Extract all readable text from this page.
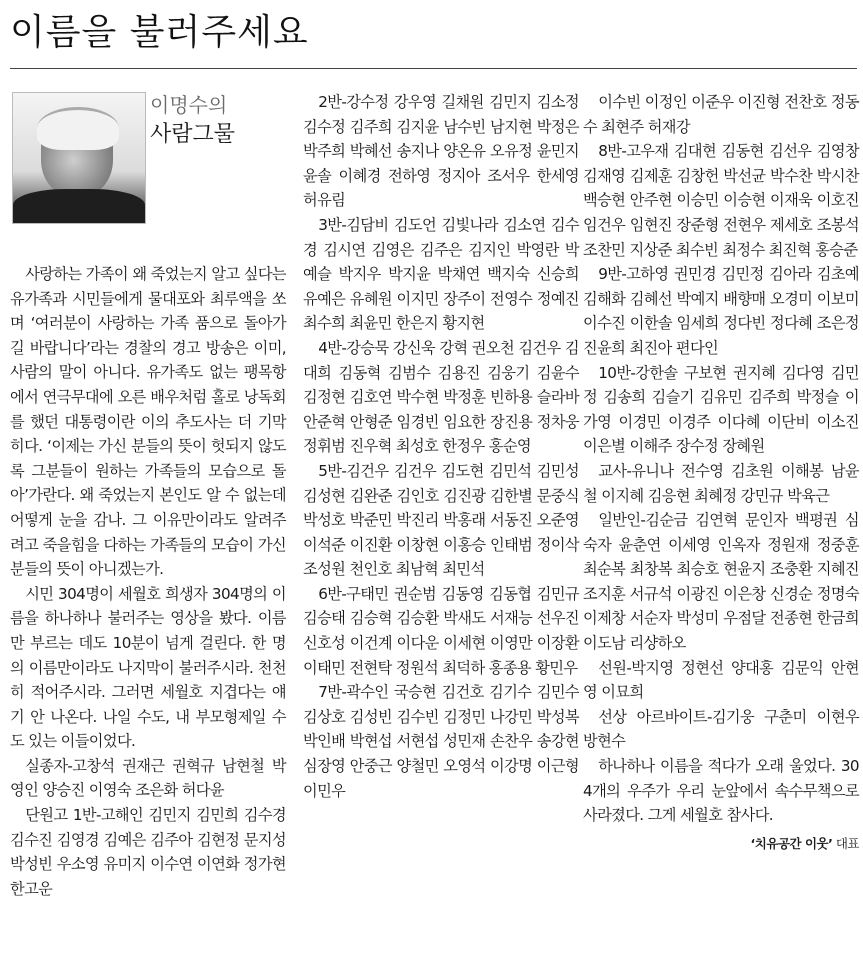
이름을 불러주세요
이명수의
사람그물

사랑하는 가족이 왜 죽었는지 알고 싶다는 유가족과 시민들에게 물대포와 최루액을 쏘며 ‘여러분이 사랑하는 가족 품으로 돌아가길 바랍니다’라는 경찰의 경고 방송은 이미, 사람의 말이 아니다. 유가족도 없는 팽목항에서 연극무대에 오른 배우처럼 홀로 낭독회를 했던 대통령이란 이의 추도사는 더 기막히다. ‘이제는 가신 분들의 뜻이 헛되지 않도록 그분들이 원하는 가족들의 모습으로 돌아’가란다. 왜 죽었는지 본인도 알 수 없는데 어떻게 눈을 감나. 그 이유만이라도 알려주려고 죽을힘을 다하는 가족들의 모습이 가신 분들의 뜻이 아니겠는가.

시민 304명이 세월호 희생자 304명의 이름을 하나하나 불러주는 영상을 봤다. 이름만 부르는 데도 10분이 넘게 걸린다. 한 명의 이름만이라도 나지막이 불러주시라. 천천히 적어주시라. 그러면 세월호 지겹다는 얘기 안 나온다. 나일 수도, 내 부모형제일 수도 있는 이들이었다.

실종자-고창석 권재근 권혁규 남현철 박영인 양승진 이영숙 조은화 허다윤

단원고 1반-고해인 김민지 김민희 김수경 김수진 김영경 김예은 김주아 김현정 문지성 박성빈 우소영 유미지 이수연 이연화 정가현 한고운

2반-강수정 강우영 길채원 김민지 김소정 김수정 김주희 김지윤 남수빈 남지현 박정은 박주희 박혜선 송지나 양온유 오유정 윤민지 윤솔 이혜경 전하영 정지아 조서우 한세영 허유림

3반-김담비 김도언 김빛나라 김소연 김수경 김시연 김영은 김주은 김지인 박영란 박예슬 박지우 박지윤 박채연 백지숙 신승희 유예은 유혜원 이지민 장주이 전영수 정예진 최수희 최윤민 한은지 황지현

4반-강승묵 강신욱 강혁 권오천 김건우 김대희 김동혁 김범수 김용진 김웅기 김윤수 김정현 김호연 박수현 박정훈 빈하용 슬라바 안준혁 안형준 임경빈 임요한 장진용 정차웅 정휘범 진우혁 최성호 한정우 홍순영

5반-김건우 김건우 김도현 김민석 김민성 김성현 김완준 김인호 김진광 김한별 문중식 박성호 박준민 박진리 박홍래 서동진 오준영 이석준 이진환 이창현 이홍승 인태범 정이삭 조성원 천인호 최남혁 최민석

6반-구태민 권순범 김동영 김동협 김민규 김승태 김승혁 김승환 박새도 서재능 선우진 신호성 이건계 이다운 이세현 이영만 이장환 이태민 전현탁 정원석 최덕하 홍종용 황민우

7반-곽수인 국승현 김건호 김기수 김민수 김상호 김성빈 김수빈 김정민 나강민 박성복 박인배 박현섭 서현섭 성민재 손찬우 송강현 심장영 안중근 양철민 오영석 이강명 이근형 이민우

이수빈 이정인 이준우 이진형 전찬호 정동수 최현주 허재강

8반-고우재 김대현 김동현 김선우 김영창 김재영 김제훈 김창헌 박선균 박수찬 박시찬 백승현 안주현 이승민 이승현 이재욱 이호진 임건우 임현진 장준형 전현우 제세호 조봉석 조찬민 지상준 최수빈 최정수 최진혁 홍승준

9반-고하영 권민경 김민정 김아라 김초예 김해화 김혜선 박예지 배향매 오경미 이보미 이수진 이한솔 임세희 정다빈 정다혜 조은정 진윤희 최진아 편다인

10반-강한솔 구보현 권지혜 김다영 김민정 김송희 김슬기 김유민 김주희 박정슬 이가영 이경민 이경주 이다혜 이단비 이소진 이은별 이해주 장수정 장혜원

교사-유니나 전수영 김초원 이해봉 남윤철 이지혜 김응현 최혜정 강민규 박육근

일반인-김순금 김연혁 문인자 백평권 심숙자 윤춘연 이세영 인옥자 정원재 정중훈 최순복 최창복 최승호 현윤지 조충환 지혜진 조지훈 서규석 이광진 이은창 신경순 정명숙 이제창 서순자 박성미 우점달 전종현 한금희 이도남 리샹하오

선원-박지영 정현선 양대홍 김문익 안현영 이묘희

선상 아르바이트-김기웅 구춘미 이현우 방현수

하나하나 이름을 적다가 오래 울었다. 304개의 우주가 우리 눈앞에서 속수무책으로 사라졌다. 그게 세월호 참사다.

‘치유공간 이웃’ 대표
